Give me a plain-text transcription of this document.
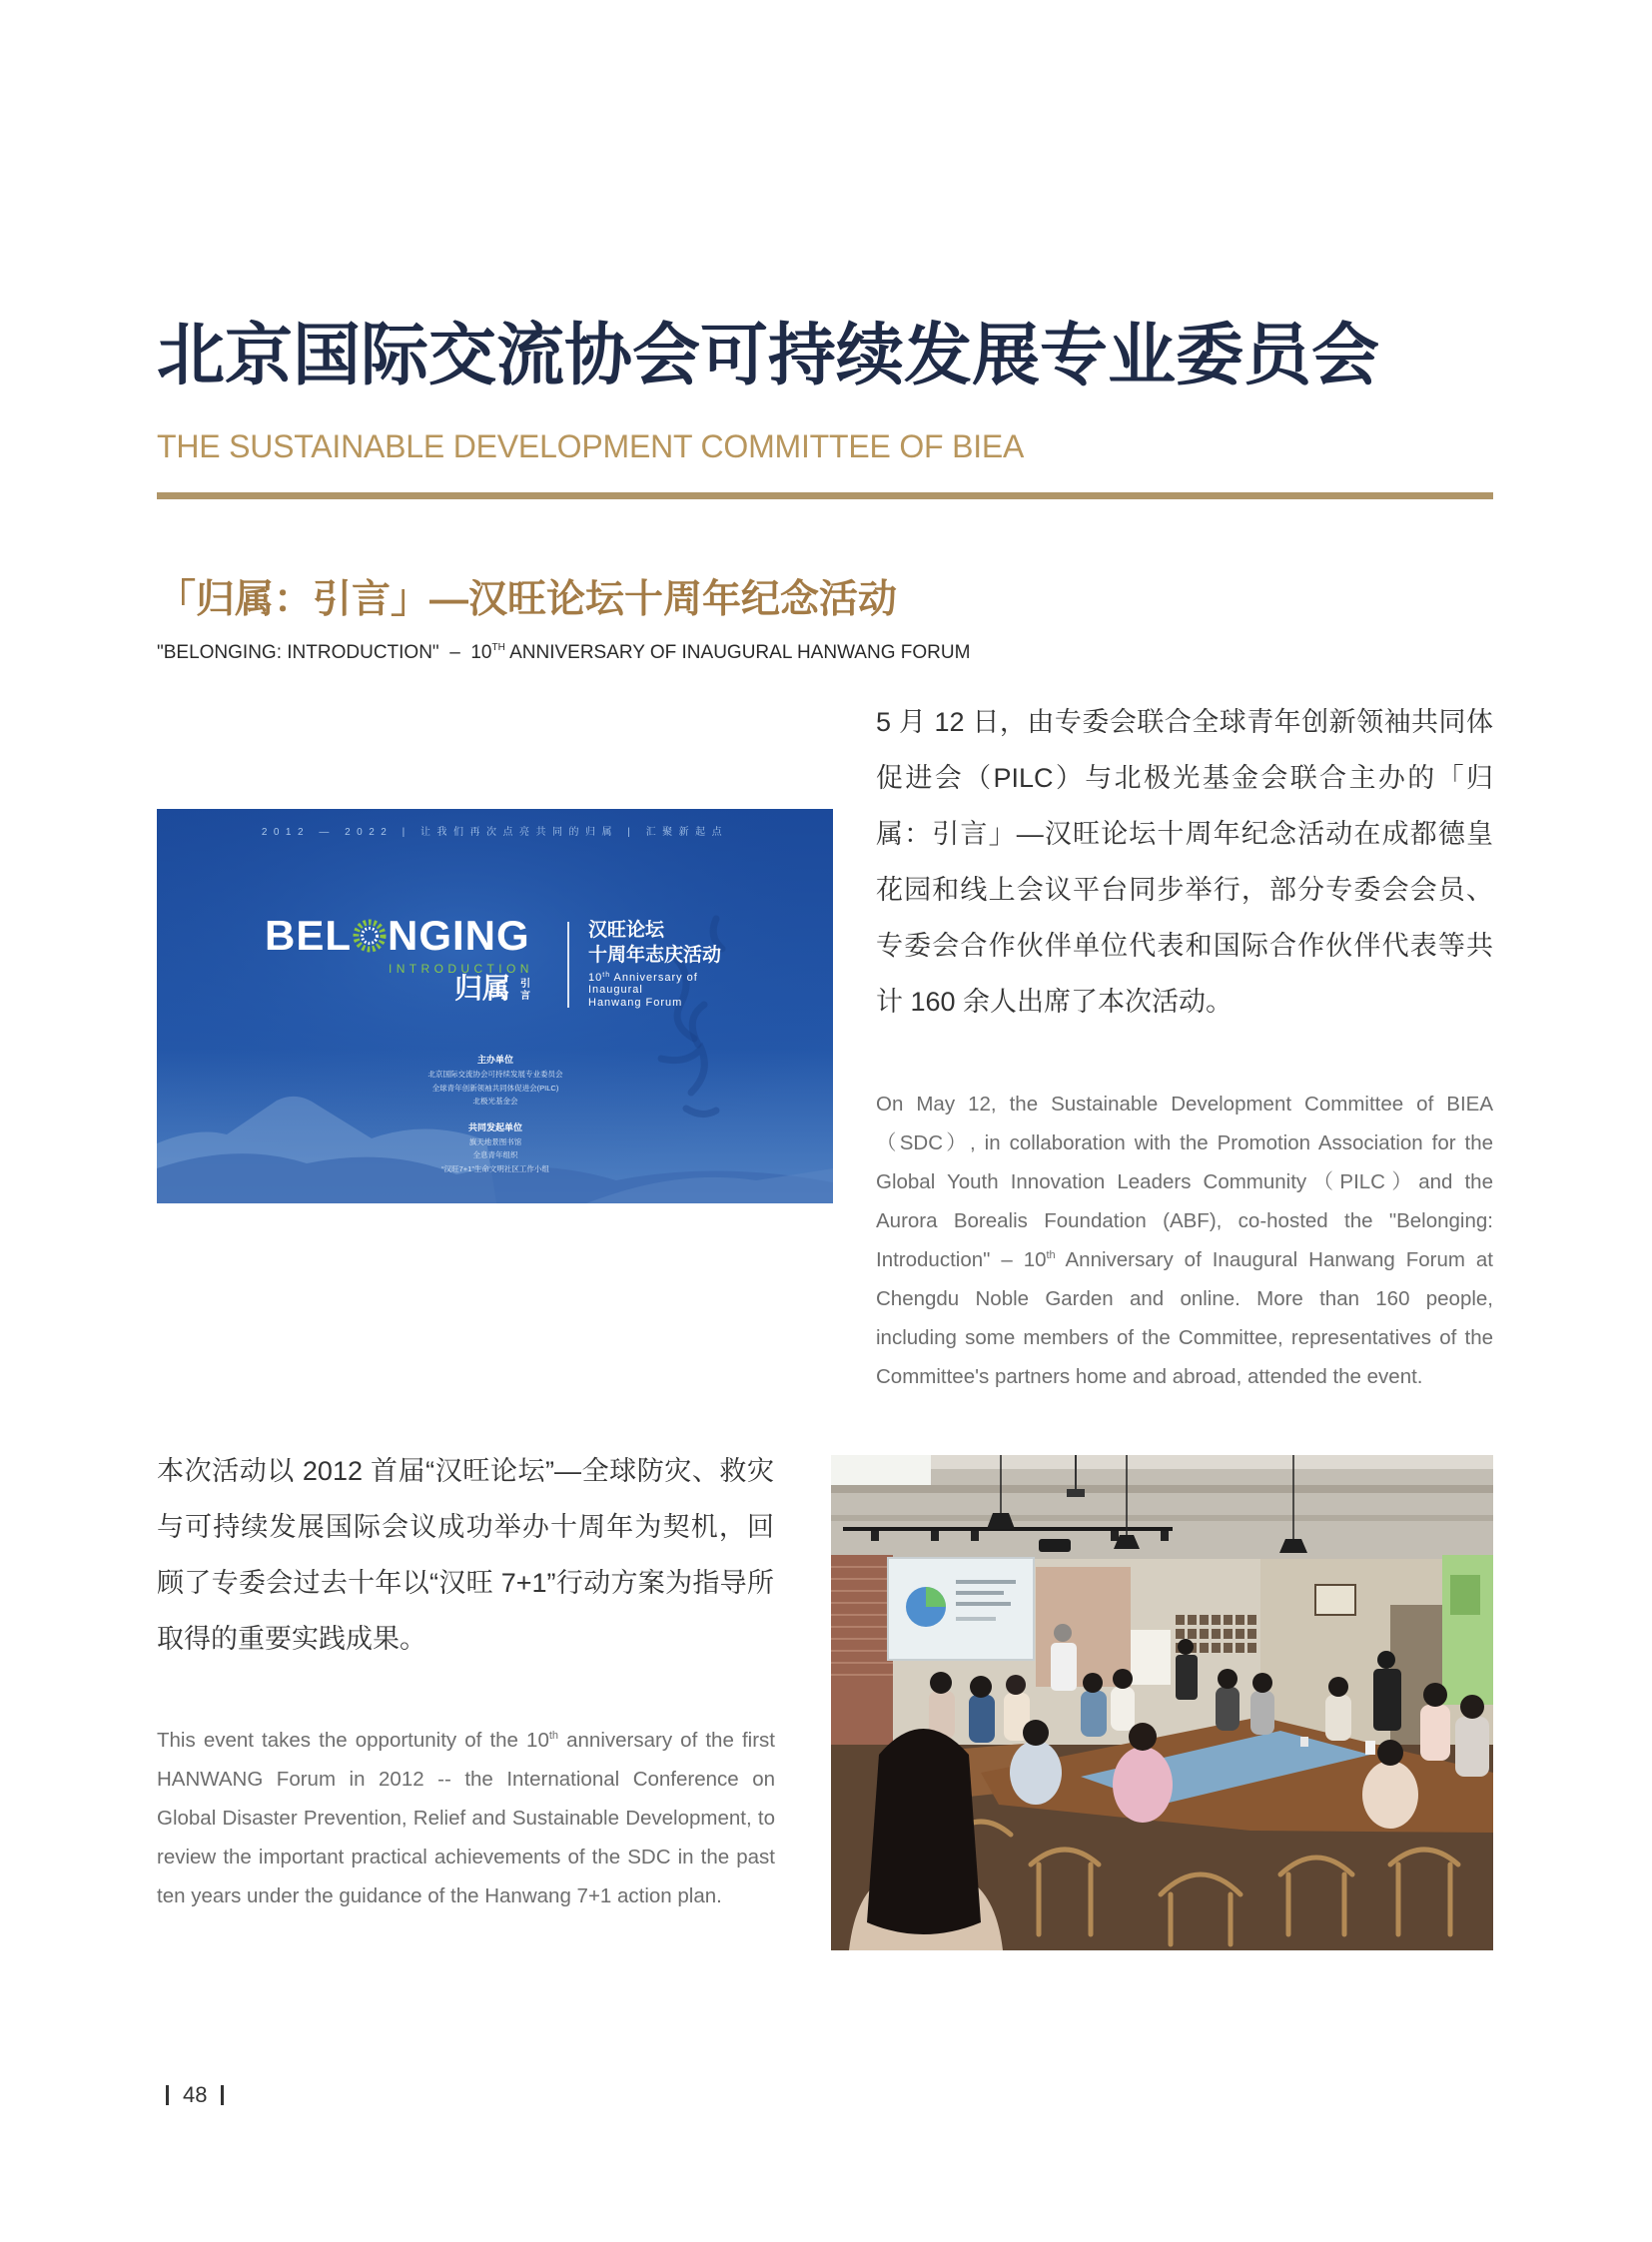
北京国际交流协会可持续发展专业委员会
THE SUSTAINABLE DEVELOPMENT COMMITTEE OF BIEA
「归属：引言」—汉旺论坛十周年纪念活动
"BELONGING: INTRODUCTION"  –  10TH ANNIVERSARY OF INAUGURAL HANWANG FORUM
2012 — 2022 | 让我们再次点亮共同的归属 | 汇聚新起点
BEL NGING
INTRODUCTION
归属 引言
汉旺论坛
十周年志庆活动
10th Anniversary of
Inaugural
Hanwang Forum
主办单位
北京国际交流协会可持续发展专业委员会
全球青年创新领袖共同体促进会(PILC)
北极光基金会
共同发起单位
旗天地景图书馆
全息青年组织
“汉旺7+1”生命文明社区工作小组

5 月 12 日，由专委会联合全球青年创新领袖共同体促进会（PILC）与北极光基金会联合主办的「归属：引言」—汉旺论坛十周年纪念活动在成都德皇花园和线上会议平台同步举行，部分专委会会员、专委会合作伙伴单位代表和国际合作伙伴代表等共计 160 余人出席了本次活动。

On May 12, the Sustainable Development Committee of BIEA（SDC）, in collaboration with the Promotion Association for the Global Youth Innovation Leaders Community（PILC）and the Aurora Borealis Foundation (ABF), co-hosted the "Belonging: Introduction" – 10th Anniversary of Inaugural Hanwang Forum at Chengdu Noble Garden and online. More than 160 people, including some members of the Committee, representatives of the Committee's partners home and abroad, attended the event.

本次活动以 2012 首届“汉旺论坛”—全球防灾、救灾与可持续发展国际会议成功举办十周年为契机，回顾了专委会过去十年以“汉旺 7+1”行动方案为指导所取得的重要实践成果。

This event takes the opportunity of the 10th anniversary of the first HANWANG Forum in 2012 -- the International Conference on Global Disaster Prevention, Relief and Sustainable Development, to review the important practical achievements of the SDC in the past ten years under the guidance of the Hanwang 7+1 action plan.

48
